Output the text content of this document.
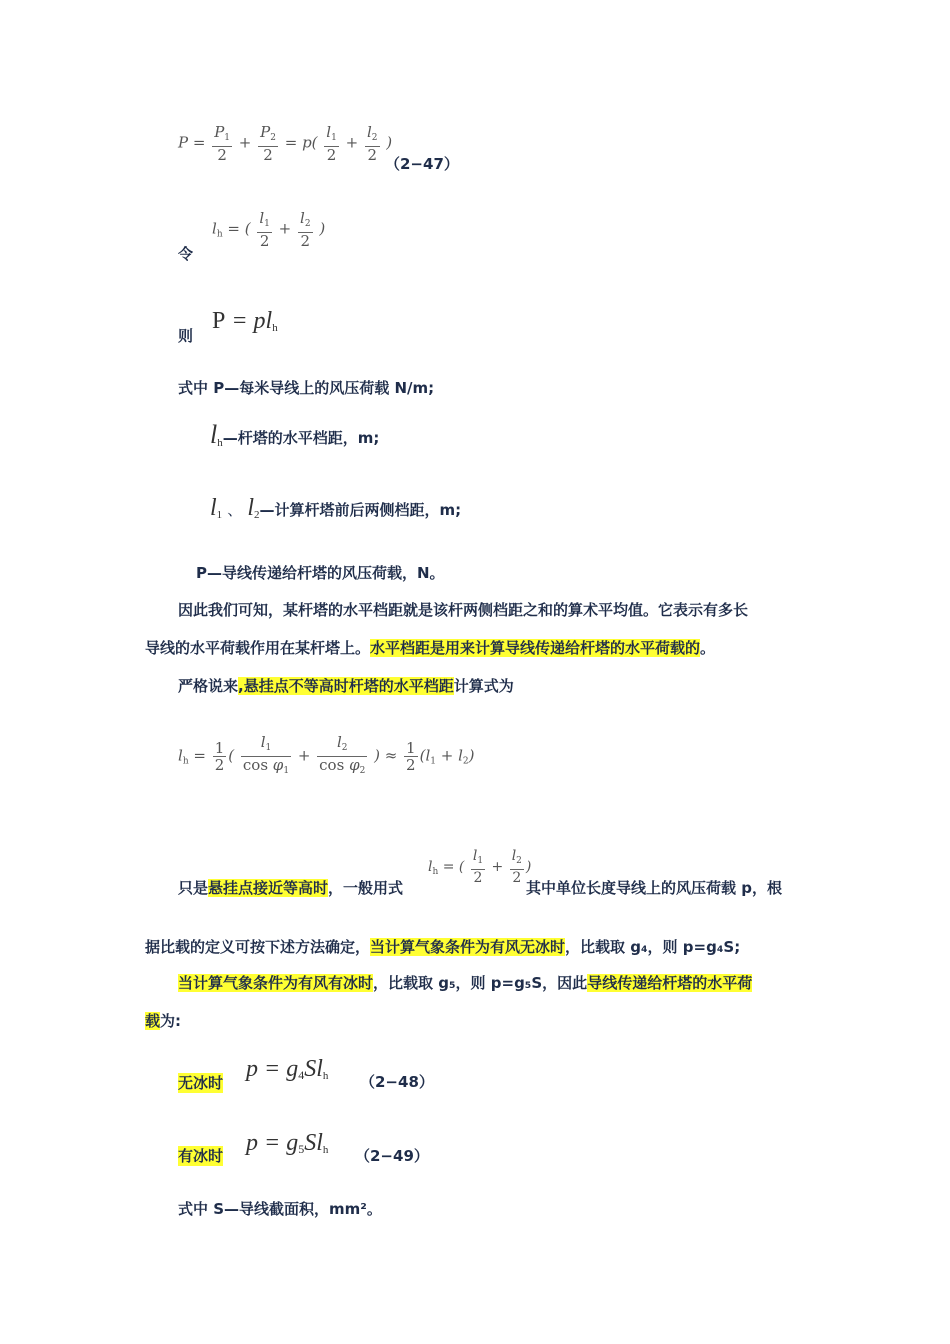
$P = \frac{P_1}{2} + \frac{P_2}{2} = p( \frac{l_1}{2} + \frac{l_2}{2}$ )
（2−47）
令
$l_h$ = ( $\frac{l_1}{2} + \frac{l_2}{2}$ )
则
$P = pl_h$
式中 P—每米导线上的风压荷载 N/m;
$l_h—$杆塔的水平档距，m;
$l_1$ 、 $l_2—$计算杆塔前后两侧档距，m;
P—导线传递给杆塔的风压荷载，N。
因此我们可知，某杆塔的水平档距就是该杆两侧档距之和的算术平均值。它表示有多长
导线的水平荷载作用在某杆塔上。水平档距是用来计算导线传递给杆塔的水平荷载的。
严格说来,悬挂点不等高时杆塔的水平档距计算式为
$l_h = \frac{1}{2}$ ( $\frac{l_1}{\cos \varphi_1} + \frac{l_2}{\cos \varphi_2}$ ) ≈ $\frac{1}{2} (l_1 + l_2)$
只是悬挂点接近等高时，一般用式
$l_h$ = ( $\frac{l_1}{2} + \frac{l_2}{2}$ )
其中单位长度导线上的风压荷载 p，根
据比载的定义可按下述方法确定，当计算气象条件为有风无冰时，比载取 g₄，则 p=g₄S;
当计算气象条件为有风有冰时，比载取 g₅，则 p=g₅S，因此导线传递给杆塔的水平荷
载为:
无冰时
$p = g_4Sl_h$ （2−48）
有冰时 $p = g_5Sl_h$ （2−49）
式中 S—导线截面积，mm²。
